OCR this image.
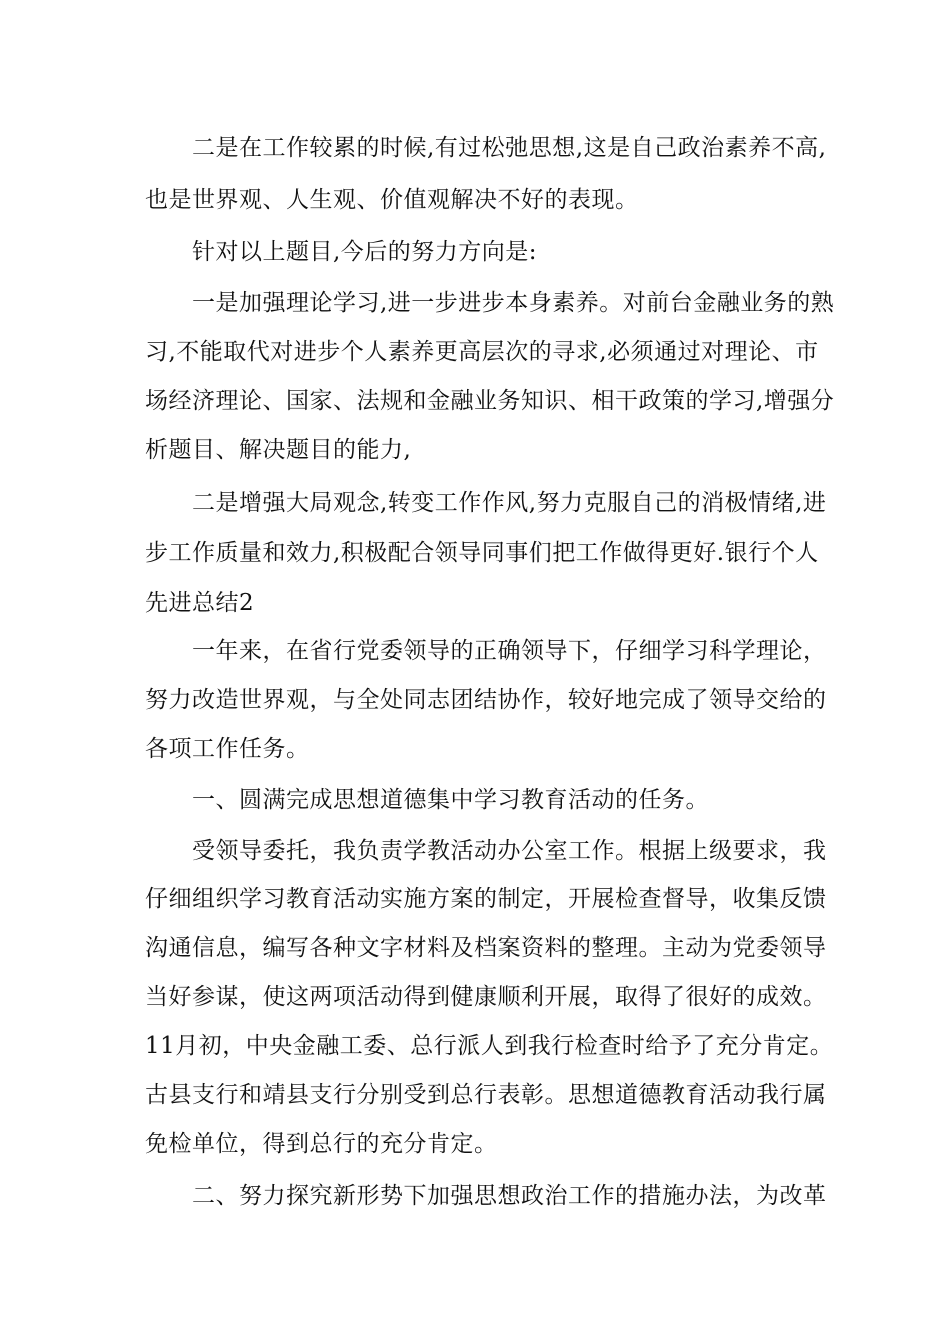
二是在工作较累的时候,有过松弛思想,这是自己政治素养不高,
也是世界观、人生观、价值观解决不好的表现。
针对以上题目,今后的努力方向是:
一是加强理论学习,进一步进步本身素养。对前台金融业务的熟
习,不能取代对进步个人素养更高层次的寻求,必须通过对理论、市
场经济理论、国家、法规和金融业务知识、相干政策的学习,增强分
析题目、解决题目的能力,
二是增强大局观念,转变工作作风,努力克服自己的消极情绪,进
步工作质量和效力,积极配合领导同事们把工作做得更好.银行个人
先进总结2
一年来，在省行党委领导的正确领导下，仔细学习科学理论，
努力改造世界观，与全处同志团结协作，较好地完成了领导交给的
各项工作任务。
一、圆满完成思想道德集中学习教育活动的任务。
受领导委托，我负责学教活动办公室工作。根据上级要求，我
仔细组织学习教育活动实施方案的制定，开展检查督导，收集反馈
沟通信息，编写各种文字材料及档案资料的整理。主动为党委领导
当好参谋，使这两项活动得到健康顺利开展，取得了很好的成效。
11月初，中央金融工委、总行派人到我行检查时给予了充分肯定。
古县支行和靖县支行分别受到总行表彰。思想道德教育活动我行属
免检单位，得到总行的充分肯定。
二、努力探究新形势下加强思想政治工作的措施办法，为改革
